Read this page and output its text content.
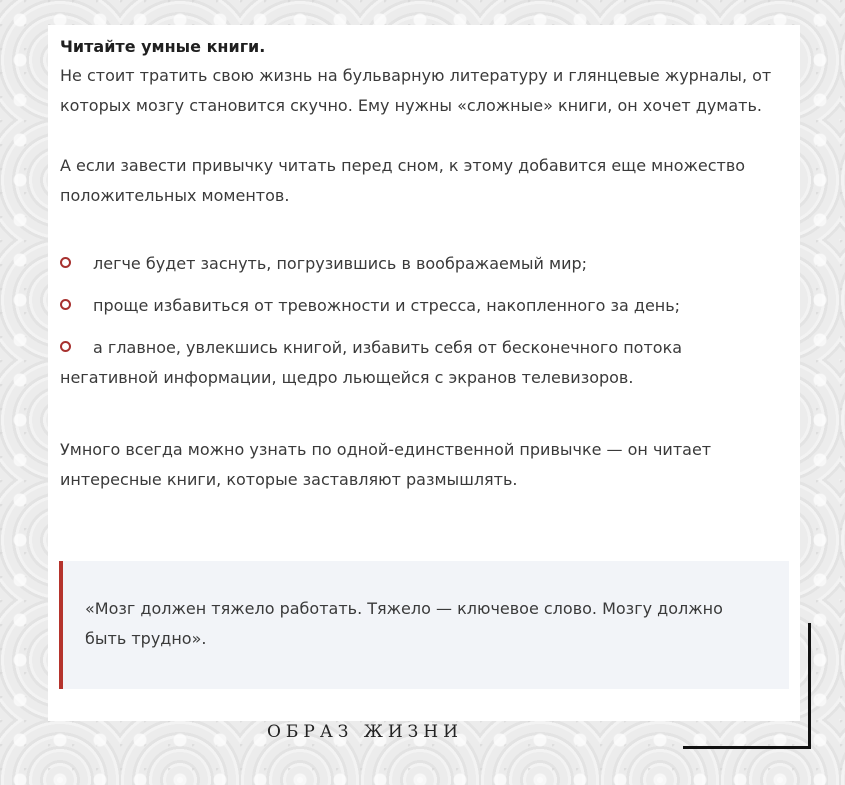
Читайте умные книги.

Не стоит тратить свою жизнь на бульварную литературу и глянцевые журналы, от которых мозгу становится скучно. Ему нужны «сложные» книги, он хочет думать.

А если завести привычку читать перед сном, к этому добавится еще множество положительных моментов.

легче будет заснуть, погрузившись в воображаемый мир;
проще избавиться от тревожности и стресса, накопленного за день;
а главное, увлекшись книгой, избавить себя от бесконечного потока негативной информации, щедро льющейся с экранов телевизоров.

Умного всегда можно узнать по одной-единственной привычке — он читает интересные книги, которые заставляют размышлять.

«Мозг должен тяжело работать. Тяжело — ключевое слово. Мозгу должно быть трудно».

ОБРАЗ ЖИЗНИ
